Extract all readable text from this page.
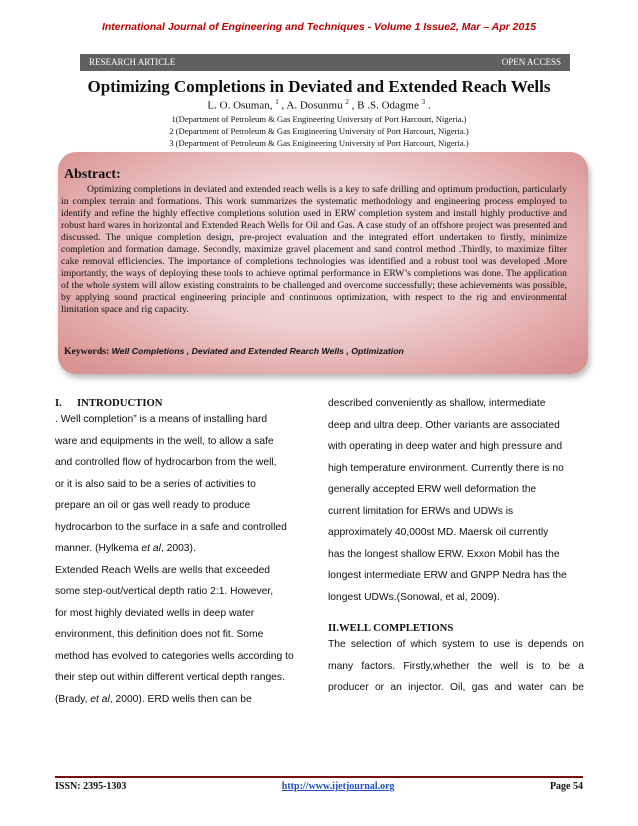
International Journal of Engineering and Techniques - Volume 1 Issue2, Mar – Apr 2015
RESEARCH ARTICLE	OPEN ACCESS
Optimizing Completions in Deviated and Extended Reach Wells
L. O. Osuman, $^1$ , A. Dosunmu $^2$ , B .S. Odagme $^3$ .
1(Department of Petroleum & Gas Engineering University of Port Harcourt, Nigeria.)
2 (Department of Petroleum & Gas Enigineering University of Port Harcourt, Nigeria.)
3 (Department of Petroleum & Gas Enigineering University of Port Harcourt, Nigeria.)
Abstract:
Optimizing completions in deviated and extended reach wells is a key to safe drilling and optimum production, particularly in complex terrain and formations. This work summarizes the systematic methodology and engineering process employed to identify and refine the highly effective completions solution used in ERW completion system and install highly productive and robust hard wares in horizontal and Extended Reach Wells for Oil and Gas. A case study of an offshore project was presented and discussed. The unique completion design, pre-project evaluation and the integrated effort undertaken to firstly, minimize completion and formation damage. Secondly, maximize gravel placement and sand control method .Thirdly, to maximize filter cake removal efficiencies. The importance of completions technologies was identified and a robust tool was developed .More importantly, the ways of deploying these tools to achieve optimal performance in ERW’s completions was done. The application of the whole system will allow existing constraints to be challenged and overcome successfully; these achievements was possible, by applying sound practical engineering principle and continuous optimization, with respect to the rig and environmental limitation space and rig capacity.
Keywords: Well Completions , Deviated and Extended Rearch Wells , Optimization
I. INTRODUCTION
. Well completion” is a means of installing hard
ware and equipments in the well, to allow a safe
and controlled flow of hydrocarbon from the well,
or it is also said to be a series of activities to
prepare an oil or gas well ready to produce
hydrocarbon to the surface in a safe and controlled
manner. (Hylkema et al, 2003).
Extended Reach Wells are wells that exceeded
some step-out/vertical depth ratio 2:1. However,
for most highly deviated wells in deep water
environment, this definition does not fit. Some
method has evolved to categories wells according to
their step out within different vertical depth ranges.
(Brady, et al, 2000). ERD wells then can be
described conveniently as shallow, intermediate
deep and ultra deep. Other variants are associated
with operating in deep water and high pressure and
high temperature environment. Currently there is no
generally accepted ERW well deformation the
current limitation for ERWs and UDWs is
approximately 40,000st MD. Maersk oil currently
has the longest shallow ERW. Exxon Mobil has the
longest intermediate ERW and GNPP Nedra has the
longest UDWs.(Sonowal, et al, 2009).
II.WELL COMPLETIONS
The selection of which system to use is depends on
many factors. Firstly,whether the well is to be a
producer or an injector. Oil, gas and water can be
ISSN: 2395-1303	http://www.ijetjournal.org	Page 54
